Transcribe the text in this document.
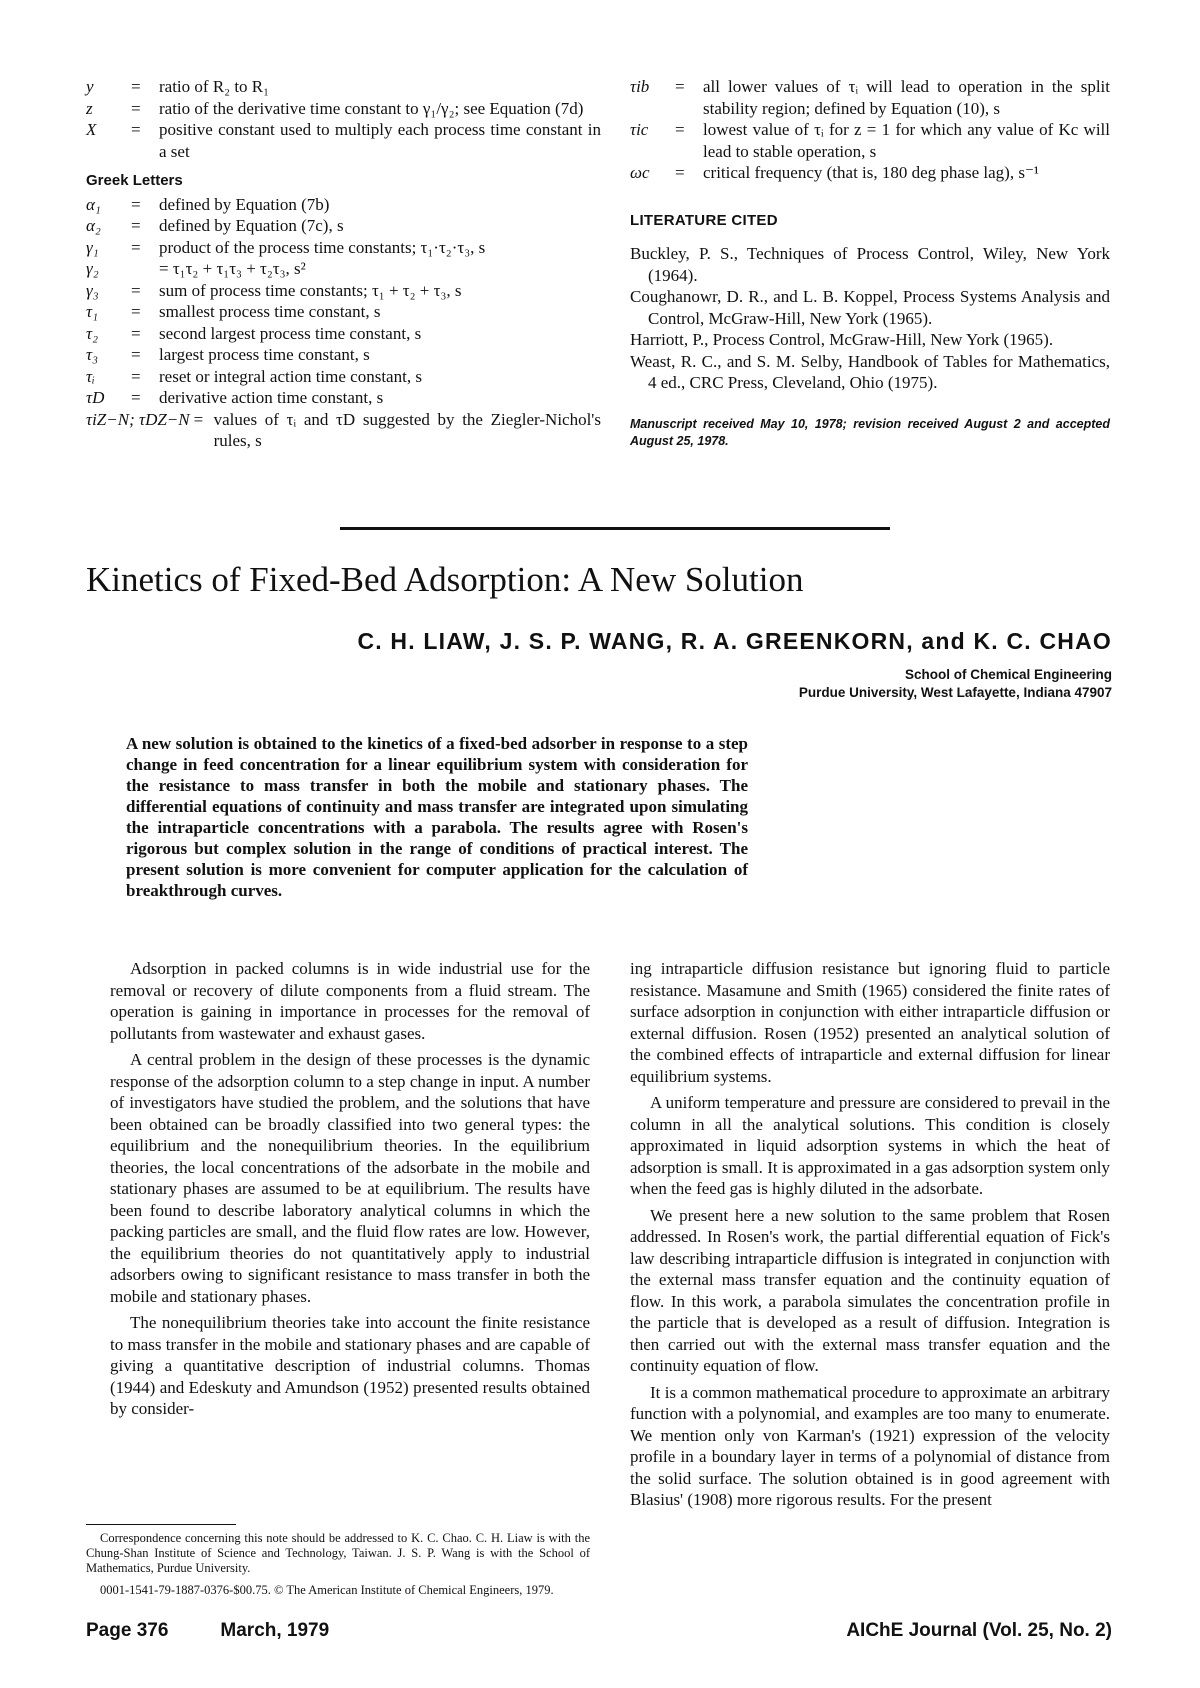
y	=	ratio of R₂ to R₁
z	=	ratio of the derivative time constant to γ₁/γ₂; see Equation (7d)
X	=	positive constant used to multiply each process time constant in a set
Greek Letters
α₁	=	defined by Equation (7b)
α₂	=	defined by Equation (7c), s
γ₁	=	product of the process time constants; τ₁·τ₂·τ₃, s
γ₂	= τ₁τ₂ + τ₁τ₃ + τ₂τ₃, s²
γ₃	=	sum of process time constants; τ₁ + τ₂ + τ₃, s
τ₁	=	smallest process time constant, s
τ₂	=	second largest process time constant, s
τ₃	=	largest process time constant, s
τᵢ	=	reset or integral action time constant, s
τD	=	derivative action time constant, s
τiZ−N; τDZ−N = values of τᵢ and τD suggested by the Ziegler-Nichol's rules, s
τib	=	all lower values of τᵢ will lead to operation in the split stability region; defined by Equation (10), s
τic	=	lowest value of τᵢ for z = 1 for which any value of Kc will lead to stable operation, s
ωc	=	critical frequency (that is, 180 deg phase lag), s⁻¹
LITERATURE CITED
Buckley, P. S., Techniques of Process Control, Wiley, New York (1964).
Coughanowr, D. R., and L. B. Koppel, Process Systems Analysis and Control, McGraw-Hill, New York (1965).
Harriott, P., Process Control, McGraw-Hill, New York (1965).
Weast, R. C., and S. M. Selby, Handbook of Tables for Mathematics, 4 ed., CRC Press, Cleveland, Ohio (1975).
Manuscript received May 10, 1978; revision received August 2 and accepted August 25, 1978.
Kinetics of Fixed-Bed Adsorption: A New Solution
C. H. LIAW, J. S. P. WANG, R. A. GREENKORN, and K. C. CHAO
School of Chemical Engineering
Purdue University, West Lafayette, Indiana 47907
A new solution is obtained to the kinetics of a fixed-bed adsorber in response to a step change in feed concentration for a linear equilibrium system with consideration for the resistance to mass transfer in both the mobile and stationary phases. The differential equations of continuity and mass transfer are integrated upon simulating the intraparticle concentrations with a parabola. The results agree with Rosen's rigorous but complex solution in the range of conditions of practical interest. The present solution is more convenient for computer application for the calculation of breakthrough curves.

Adsorption in packed columns is in wide industrial use for the removal or recovery of dilute components from a fluid stream. The operation is gaining in importance in processes for the removal of pollutants from wastewater and exhaust gases.

A central problem in the design of these processes is the dynamic response of the adsorption column to a step change in input. A number of investigators have studied the problem, and the solutions that have been obtained can be broadly classified into two general types: the equilibrium and the nonequilibrium theories. In the equilibrium theories, the local concentrations of the adsorbate in the mobile and stationary phases are assumed to be at equilibrium. The results have been found to describe laboratory analytical columns in which the packing particles are small, and the fluid flow rates are low. However, the equilibrium theories do not quantitatively apply to industrial adsorbers owing to significant resistance to mass transfer in both the mobile and stationary phases.

The nonequilibrium theories take into account the finite resistance to mass transfer in the mobile and stationary phases and are capable of giving a quantitative description of industrial columns. Thomas (1944) and Edeskuty and Amundson (1952) presented results obtained by consider-

ing intraparticle diffusion resistance but ignoring fluid to particle resistance. Masamune and Smith (1965) considered the finite rates of surface adsorption in conjunction with either intraparticle diffusion or external diffusion. Rosen (1952) presented an analytical solution of the combined effects of intraparticle and external diffusion for linear equilibrium systems.

A uniform temperature and pressure are considered to prevail in the column in all the analytical solutions. This condition is closely approximated in liquid adsorption systems in which the heat of adsorption is small. It is approximated in a gas adsorption system only when the feed gas is highly diluted in the adsorbate.

We present here a new solution to the same problem that Rosen addressed. In Rosen's work, the partial differential equation of Fick's law describing intraparticle diffusion is integrated in conjunction with the external mass transfer equation and the continuity equation of flow. In this work, a parabola simulates the concentration profile in the particle that is developed as a result of diffusion. Integration is then carried out with the external mass transfer equation and the continuity equation of flow.

It is a common mathematical procedure to approximate an arbitrary function with a polynomial, and examples are too many to enumerate. We mention only von Karman's (1921) expression of the velocity profile in a boundary layer in terms of a polynomial of distance from the solid surface. The solution obtained is in good agreement with Blasius' (1908) more rigorous results. For the present

Correspondence concerning this note should be addressed to K. C. Chao. C. H. Liaw is with the Chung-Shan Institute of Science and Technology, Taiwan. J. S. P. Wang is with the School of Mathematics, Purdue University.

0001-1541-79-1887-0376-$00.75. © The American Institute of Chemical Engineers, 1979.

Page 376	March, 1979	AIChE Journal (Vol. 25, No. 2)
